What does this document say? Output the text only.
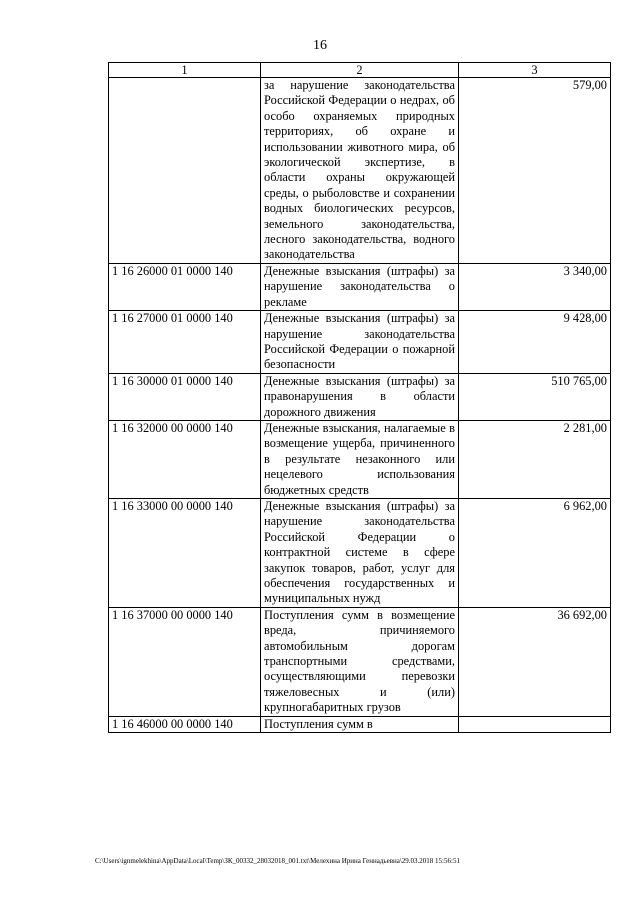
16
1	2	3
	за нарушение законодательства Российской Федерации о недрах, об особо охраняемых природных территориях, об охране и использовании животного мира, об экологической экспертизе, в области охраны окружающей среды, о рыболовстве и сохранении водных биологических ресурсов, земельного законодательства, лесного законодательства, водного законодательства	579,00
1 16 26000 01 0000 140	Денежные взыскания (штрафы) за нарушение законодательства о рекламе	3 340,00
1 16 27000 01 0000 140	Денежные взыскания (штрафы) за нарушение законодательства Российской Федерации о пожарной безопасности	9 428,00
1 16 30000 01 0000 140	Денежные взыскания (штрафы) за правонарушения в области дорожного движения	510 765,00
1 16 32000 00 0000 140	Денежные взыскания, налагаемые в возмещение ущерба, причиненного в результате незаконного или нецелевого использования бюджетных средств	2 281,00
1 16 33000 00 0000 140	Денежные взыскания (штрафы) за нарушение законодательства Российской Федерации о контрактной системе в сфере закупок товаров, работ, услуг для обеспечения государственных и муниципальных нужд	6 962,00
1 16 37000 00 0000 140	Поступления сумм в возмещение вреда, причиняемого автомобильным дорогам транспортными средствами, осуществляющими перевозки тяжеловесных и (или) крупногабаритных грузов	36 692,00
1 16 46000 00 0000 140	Поступления сумм в	
C:\Users\ignmelekhina\AppData\Local\Temp\ЗК_00332_28032018_001.txt\Мелехина Ирина Геннадьевна\29.03.2018 15:56:51
